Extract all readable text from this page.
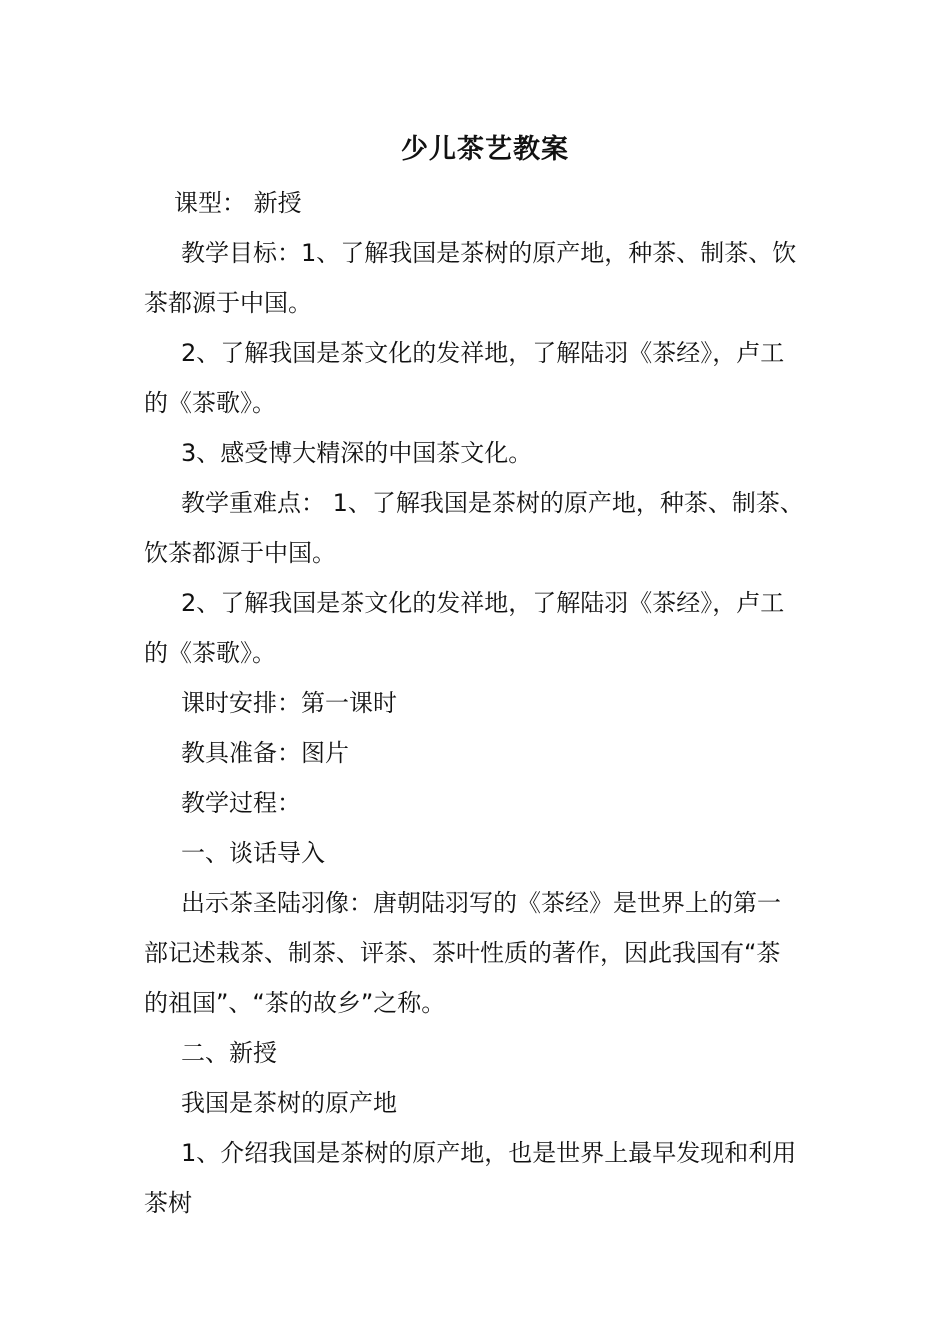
少儿茶艺教案

课型： 新授

教学目标：1、了解我国是茶树的原产地，种茶、制茶、饮茶都源于中国。

2、了解我国是茶文化的发祥地，了解陆羽《茶经》，卢工的《茶歌》。

3、感受博大精深的中国茶文化。

教学重难点： 1、了解我国是茶树的原产地，种茶、制茶、饮茶都源于中国。

2、了解我国是茶文化的发祥地，了解陆羽《茶经》，卢工的《茶歌》。

课时安排：第一课时

教具准备：图片

教学过程：

一、谈话导入

出示茶圣陆羽像：唐朝陆羽写的《茶经》是世界上的第一部记述栽茶、制茶、评茶、茶叶性质的著作，因此我国有“茶的祖国”、“茶的故乡”之称。

二、新授

我国是茶树的原产地

1、介绍我国是茶树的原产地，也是世界上最早发现和利用茶树
